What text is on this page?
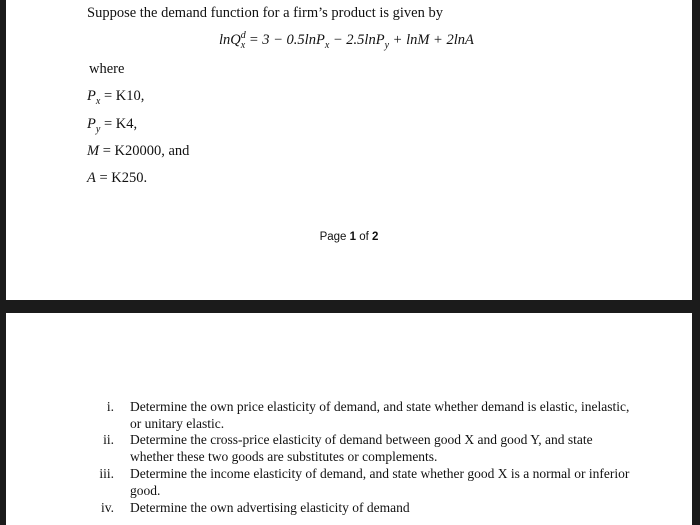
Suppose the demand function for a firm’s product is given by
lnQ$^d_x$ = 3 − 0.5lnP$_x$ − 2.5lnP$_y$ + lnM + 2lnA
where
$P_x = K10$,
$P_y = K4$,
M = K20000, and
A = K250.
Page 1 of 2
i. Determine the own price elasticity of demand, and state whether demand is elastic, inelastic, or unitary elastic.
ii. Determine the cross-price elasticity of demand between good X and good Y, and state whether these two goods are substitutes or complements.
iii. Determine the income elasticity of demand, and state whether good X is a normal or inferior good.
iv. Determine the own advertising elasticity of demand
